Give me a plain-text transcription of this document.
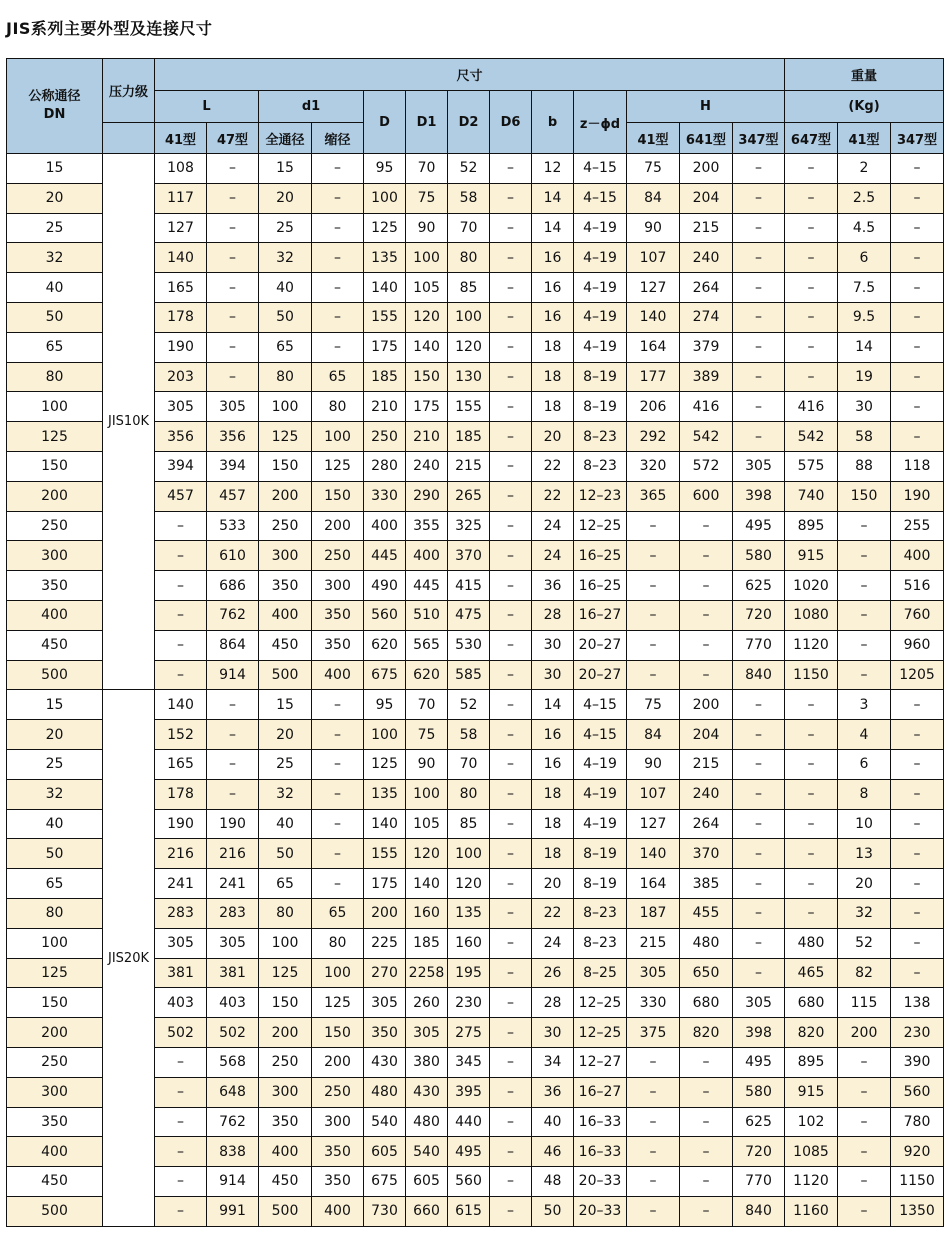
JIS系列主要外型及连接尺寸
公称通径
DN	压力级	尺寸													重量		
		L		d1		D	D1	D2	D6	b	z－ϕd	H			(Kg)		
		41型	47型	全通径	缩径							41型	641型	347型	647型	41型	347型
15	JIS10K	108	–	15	–	95	70	52	–	12	4–15	75	200	–	–	2	–
20		117	–	20	–	100	75	58	–	14	4–15	84	204	–	–	2.5	–
25		127	–	25	–	125	90	70	–	14	4–19	90	215	–	–	4.5	–
32		140	–	32	–	135	100	80	–	16	4–19	107	240	–	–	6	–
40		165	–	40	–	140	105	85	–	16	4–19	127	264	–	–	7.5	–
50		178	–	50	–	155	120	100	–	16	4–19	140	274	–	–	9.5	–
65		190	–	65	–	175	140	120	–	18	4–19	164	379	–	–	14	–
80		203	–	80	65	185	150	130	–	18	8–19	177	389	–	–	19	–
100		305	305	100	80	210	175	155	–	18	8–19	206	416	–	416	30	–
125		356	356	125	100	250	210	185	–	20	8–23	292	542	–	542	58	–
150		394	394	150	125	280	240	215	–	22	8–23	320	572	305	575	88	118
200		457	457	200	150	330	290	265	–	22	12–23	365	600	398	740	150	190
250		–	533	250	200	400	355	325	–	24	12–25	–	–	495	895	–	255
300		–	610	300	250	445	400	370	–	24	16–25	–	–	580	915	–	400
350		–	686	350	300	490	445	415	–	36	16–25	–	–	625	1020	–	516
400		–	762	400	350	560	510	475	–	28	16–27	–	–	720	1080	–	760
450		–	864	450	350	620	565	530	–	30	20–27	–	–	770	1120	–	960
500		–	914	500	400	675	620	585	–	30	20–27	–	–	840	1150	–	1205
15	JIS20K	140	–	15	–	95	70	52	–	14	4–15	75	200	–	–	3	–
20		152	–	20	–	100	75	58	–	16	4–15	84	204	–	–	4	–
25		165	–	25	–	125	90	70	–	16	4–19	90	215	–	–	6	–
32		178	–	32	–	135	100	80	–	18	4–19	107	240	–	–	8	–
40		190	190	40	–	140	105	85	–	18	4–19	127	264	–	–	10	–
50		216	216	50	–	155	120	100	–	18	8–19	140	370	–	–	13	–
65		241	241	65	–	175	140	120	–	20	8–19	164	385	–	–	20	–
80		283	283	80	65	200	160	135	–	22	8–23	187	455	–	–	32	–
100		305	305	100	80	225	185	160	–	24	8–23	215	480	–	480	52	–
125		381	381	125	100	270	2258	195	–	26	8–25	305	650	–	465	82	–
150		403	403	150	125	305	260	230	–	28	12–25	330	680	305	680	115	138
200		502	502	200	150	350	305	275	–	30	12–25	375	820	398	820	200	230
250		–	568	250	200	430	380	345	–	34	12–27	–	–	495	895	–	390
300		–	648	300	250	480	430	395	–	36	16–27	–	–	580	915	–	560
350		–	762	350	300	540	480	440	–	40	16–33	–	–	625	102	–	780
400		–	838	400	350	605	540	495	–	46	16–33	–	–	720	1085	–	920
450		–	914	450	350	675	605	560	–	48	20–33	–	–	770	1120	–	1150
500		–	991	500	400	730	660	615	–	50	20–33	–	–	840	1160	–	1350
